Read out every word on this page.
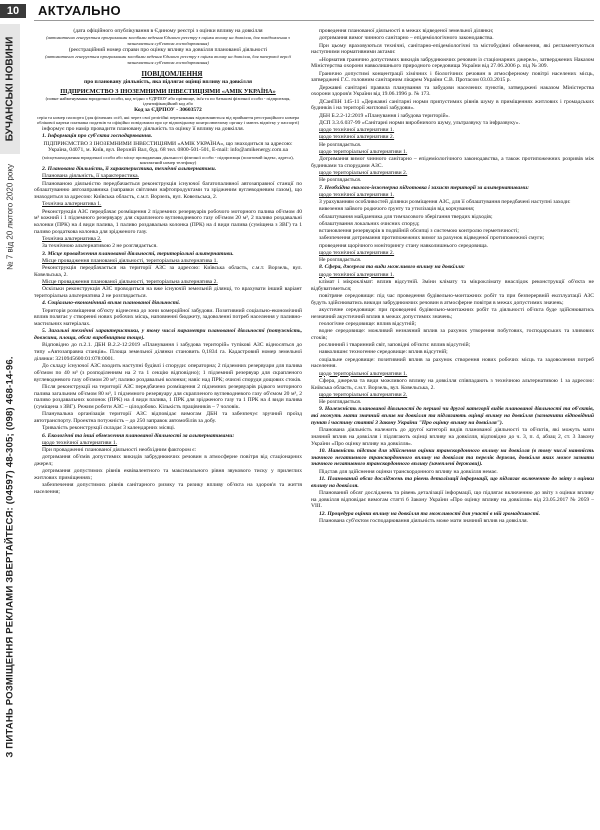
10	АКТУАЛЬНО
БУЧАНСЬКІ НОВИНИ
№ 7 від 20 лютого 2020 року
З ПИТАНЬ РОЗМІЩЕННЯ РЕКЛАМИ ЗВЕРТАЙТЕСЯ: (04597) 48-305; (098) 468-14-96.

(дата офіційного опублікування в Єдиному реєстрі з оцінки впливу на довкілля

(автоматично генерується програмними засобами ведення Єдиного реєстру з оцінки впливу на довкілля, для повідомлення з зазначається суб'єктом господарювання)

(реєстраційний номер справи про оцінку впливу на довкілля планованої діяльності

(автоматично генерується програмними засобами ведення Єдиного реєстру з оцінки впливу на довкілля, для паперової версії зазначається суб'єктом господарювання)

ПОВІДОМЛЕННЯ

про плановану діяльність, яка підлягає оцінці впливу на довкілля

ПІДПРИЄМСТВО З ІНОЗЕМНИМИ ІНВЕСТИЦІЯМИ «АМІК УКРАЇНА»

(повне найменування юридичної особи, код згідно з ЄДРПОУ або прізвище, ім'я та по батькові фізичної особи - підприємця, ідентифікаційний код або

Код за ЄДРПОУ - 30603572

серія та номер паспорта (для фізичних осіб, які через свої релігійні переконання відмовляються від прийняття реєстраційного номера облікової картки платника податків та офіційно повідомили про це відповідному контролюючому органу і мають відмітку у паспорті)

інформує про намір провадити плановану діяльність та оцінку її впливу на довкілля.

1. Інформація про суб'єкта господарювання.

ПІДПРИЄМСТВО З ІНОЗЕМНИМИ ІНВЕСТИЦІЯМИ «АМІК УКРАЇНА», що знаходиться за адресою: Україна, 04071, м. Київ, вул. Верхній Вал, буд. 68 тел. 0800-501-501, E-mail: info@amikenergy.com.ua

(місцезнаходження юридичної особи або місце провадження діяльності фізичної особи - підприємця (поштовий індекс, адреса), контактний номер телефону)

2. Планована діяльність, її характеристика, технічні альтернативи.

Планована діяльність, її характеристика.

Планованою діяльністю передбачається реконструкція існуючої багатопаливної автозаправної станції по облаштуванню автозаправника (заправки світлими нафтопродуктами та зрідженим вуглеводневим газом), що знаходиться за адресою: Київська область, с.м.т. Ворзель, вул. Ковельська, 2.

Технічна альтернатива 1.

Реконструкція АЗС передбачає розміщення 2 підземних резервуарів робочого моторного палива об'ємом 40 м³ кожний і 1 підземного резервуару для скрапленого вуглеводневого газу об'ємом 20 м³, 2 паливо роздавальні колонки (ПРК) на 4 види палива, 1 паливо роздавальна колонка (ПРК) на 4 види палива (суміщена з ЗВГ) та 1 паливо роздаткова колонка для зрідженого газу.

Технічна альтернатива 2.

За технічною альтернативою 2 не розглядається.

3. Місце провадження планованої діяльності, територіальні альтернативи.

Місце провадження планованої діяльності, територіальна альтернатива 1.

Реконструкція передбачається на території АЗС за адресою: Київська область, с.м.т. Ворзель, вул. Ковельська, 2.

Місце провадження планованої діяльності, територіальна альтернатива 2.

Оскільки реконструкція АЗС проводиться на вже існуючій земельній ділянці, то врахувати інший варіант територіальна альтернатива 2 не розглядається.

4. Соціально-економічний вплив планованої діяльності.

Територія розміщення об'єкту віднесена до зони комерційної забудови. Позитивний соціально-економічний вплив полягає у створенні нових робочих місць, наповненні бюджету, задоволенні потреб населення у паливно-мастильних матеріалах.

5. Загальні технічні характеристики, у тому числі параметри планованої діяльності (потужність, довжина, площа, обсяг виробництва тощо).

Відповідно до п.2.1. ДБН В.2.2-12:2019 «Планування і забудова територій» тупікові АЗС відносяться до типу «Автозаправна станція». Площа земельної ділянки становить 0,1834 га. Кадастровий номер земельної ділянки: 3210945600:01:078:0001.

До складу існуючої АЗС входить наступні будівлі і споруди: операторна; 2 підземних резервуари для палива об'ємом по 40 м³ (з розподіленням на 2 та 1 секцію відповідно); 1 підземний резервуар для скрапленого вуглеводневого газу об'ємом 20 м³; паливо роздавальні колонки; навіс над ПРК; очисні споруди дощових стоків.

Після реконструкції на території АЗС передбачено розміщення 2 підземних резервуарів рідкого моторного палива загальним об'ємом 80 м³, 1 підземного резервуару для скрапленого вуглеводневого газу об'ємом 20 м³, 2 паливо роздавальних колонок (ПРК) на 4 види палива, 1 ПРК для зрідженого газу та 1 ПРК на 4 види палива (суміщена з ЗВГ). Режим роботи АЗС – цілодобово. Кількість працівників – 7 чоловік.

Планувальна організація території АЗС відповідає вимогам ДБН та забезпечує зручний проїзд автотранспорту. Проектна потужність – до 250 заправок автомобілів за добу.

Тривалість реконструкції складає 3 календарних місяці.

6. Екологічні та інші обмеження планованої діяльності за альтернативами:

щодо технічної альтернативи 1.

При провадженні планованої діяльності необхідним фактором є:

дотримання об'ємів допустимих викидів забруднюючих речовин в атмосферне повітря від стаціонарних джерел;

дотримання допустимих рівнів еквівалентного та максимального рівня звукового тиску у прилеглих житлових приміщеннях;

забезпечення допустимих рівнів санітарного ризику та ризику впливу об'єкта на здоров'я та життя населення;

проведення планованої діяльності в межах відведеної земельної ділянки;

дотримання вимог чинного санітарно – епідеміологічного законодавства.

При цьому враховуються технічні, санітарно-епідеміологічні та містобудівні обмеження, які регламентуються наступними нормативними актами:

«Норматив гранично допустимих викидів забруднюючих речовин із стаціонарних джерел», затверджених Наказом Міністерства охорони навколишнього природного середовища України від 27.06.2006 р. під № 309.

Гранично допустимі концентрації хімічних і біологічних речовин в атмосферному повітрі населених місць, затверджені Г.С. головним санітарним лікарем України С.В. Протасом 03.03.2015 р.

Державні санітарні правила планування та забудови населених пунктів, затверджені наказом Міністерства охорони здоров'я України від 19.06.1996 р. № 173.

ДСанПіН 145-11 «Державні санітарні норми припустимих рівнів шуму в приміщеннях житлових і громадських будинків і на території житлової забудови».

ДБН Б.2.2-12:2019 «Планування і забудова територій».

ДСП 3.3.6.037-99 «Санітарні норми виробничого шуму, ультразвуку та інфразвуку».

щодо технічної альтернативи 1.

щодо технічної альтернативи 2.

Не розглядається.

щодо територіальної альтернативи 1.

Дотримання вимог чинного санітарно – епідеміологічного законодавства, а також протипожежних розривів між будинками та спорудами АЗС.

щодо територіальної альтернативи 2.

Не розглядається.

7. Необхідна еколого-інженерна підготовка і захист території за альтернативами:

щодо технічної альтернативи 1.

З урахуванням особливостей ділянки розміщення АЗС, для її облаштування передбачені наступні заходи:

вивезення зайвого родючого ґрунту та утилізація від корчування;

облаштування майданчика для тимчасового зберігання твердих відходів;

облаштування локальних очисних споруд;

встановлення резервуарів в подвійній обсипці з системою контролю герметичності;

забезпечення дотримання протипожежних вимог за рахунок відведеної протипожежної смуги;

проведення щорічного моніторингу стану навколишнього середовища.

щодо технічної альтернативи 2.

Не розглядається.

8. Сфера, джерела та види можливого впливу на довкілля:

щодо технічної альтернативи 1.

клімат і мікроклімат: вплив відсутній. Зміни клімату та мікроклімату внаслідок реконструкції об'єкта не відбуватиметься;

повітряне середовище: під час проведення будівельно-монтажних робіт та при безперервній експлуатації АЗС будуть здійснюватись викиди забруднюючих речовин в атмосферне повітря в межах допустимих значень;

акустичне середовище: при проведенні будівельно-монтажних робіт та діяльності об'єкта буде здійснюватись незначний акустичний вплив в межах допустимих значень;

геологічне середовище: вплив відсутній;

водне середовище: можливий незначний вплив за рахунок утворення побутових, господарських та зливових стоків;

рослинний і тваринний світ, заповідні об'єкти: вплив відсутній;

навколишнє техногенне середовище: вплив відсутній;

соціальне середовище: позитивний вплив за рахунок створення нових робочих місць та задоволення потреб населення.

щодо територіальної альтернативи 1.

Сфера, джерела та види можливого впливу на довкілля співпадають з технічною альтернативою 1 за адресою: Київська область, с.м.т. Ворзель, вул. Ковельська, 2.

щодо територіальної альтернативи 2.

Не розглядається.

9. Належність планованої діяльності до першої чи другої категорії видів планованої діяльності та об'єктів, які можуть мати значний вплив на довкілля та підлягають оцінці впливу на довкілля (зазначити відповідний пункт і частину статті 3 Закону України "Про оцінку впливу на довкілля").

Планована діяльність належить до другої категорії видів планованої діяльності та об'єктів, які можуть мати значний вплив на довкілля і підлягають оцінці впливу на довкілля, відповідно до ч. 3, п. 4, абзац 2, ст. 3 Закону України «Про оцінку впливу на довкілля».

10. Наявність підстав для здійснення оцінки транскордонного впливу на довкілля (в тому числі наявність значного негативного транскордонного впливу на довкілля та перелік держав, довкілля яких може зазнати значного негативного транскордонного впливу (зачеплені держави)).

Підстав для здійснення оцінки транскордонного впливу на довкілля немає.

11. Планований обсяг досліджень та рівень деталізації інформації, що підлягає включенню до звіту з оцінки впливу на довкілля.

Планований обсяг досліджень та рівень деталізації інформації, що підлягає включенню до звіту з оцінки впливу на довкілля відповідає вимогам статті 6 Закону України «Про оцінку впливу на довкілля» від 23.05.2017 № 2059 – VIII.

12. Процедура оцінки впливу на довкілля та можливості для участі в ній громадськості.

Планована суб'єктом господарювання діяльність може мати значний вплив на довкілля.
